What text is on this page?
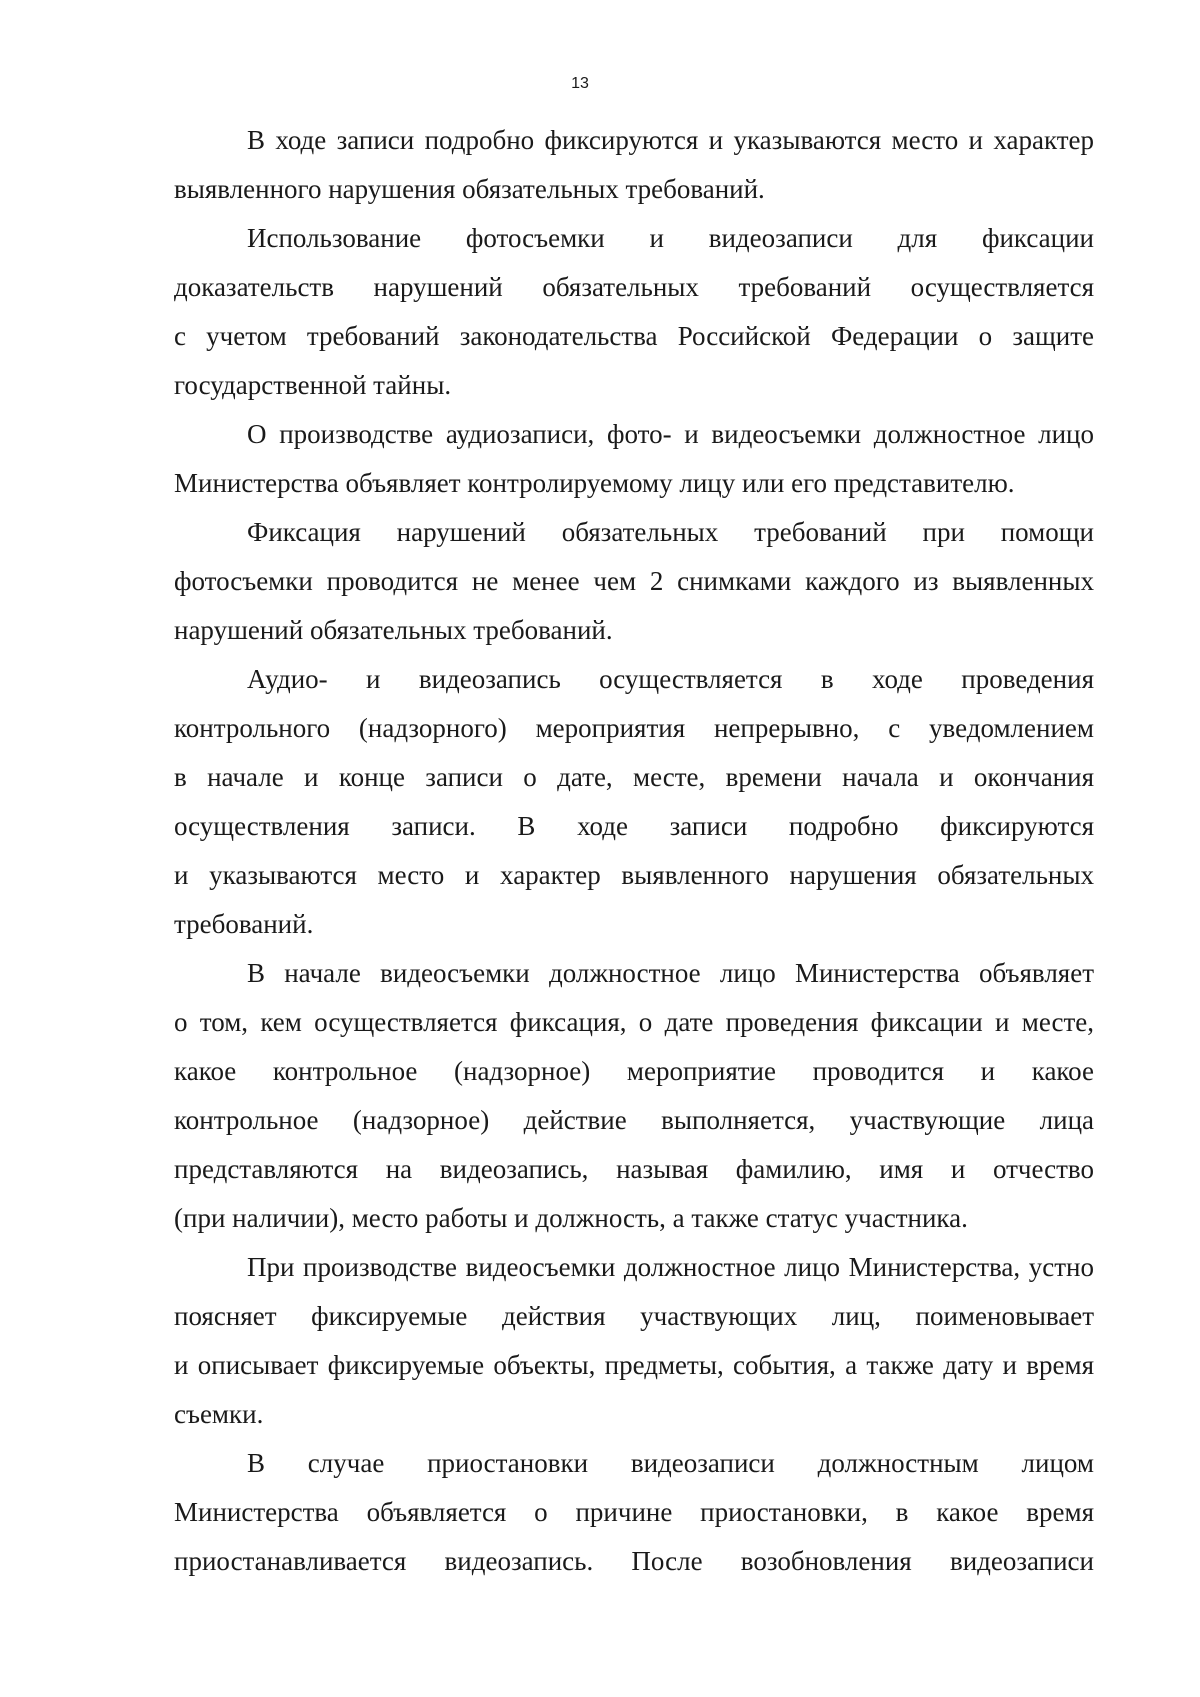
13
В ходе записи подробно фиксируются и указываются место и характер
выявленного нарушения обязательных требований.
Использование фотосъемки и видеозаписи для фиксации
доказательств нарушений обязательных требований осуществляется
с учетом требований законодательства Российской Федерации о защите
государственной тайны.
О производстве аудиозаписи, фото- и видеосъемки должностное лицо
Министерства объявляет контролируемому лицу или его представителю.
Фиксация нарушений обязательных требований при помощи
фотосъемки проводится не менее чем 2 снимками каждого из выявленных
нарушений обязательных требований.
Аудио- и видеозапись осуществляется в ходе проведения
контрольного (надзорного) мероприятия непрерывно, с уведомлением
в начале и конце записи о дате, месте, времени начала и окончания
осуществления записи. В ходе записи подробно фиксируются
и указываются место и характер выявленного нарушения обязательных
требований.
В начале видеосъемки должностное лицо Министерства объявляет
о том, кем осуществляется фиксация, о дате проведения фиксации и месте,
какое контрольное (надзорное) мероприятие проводится и какое
контрольное (надзорное) действие выполняется, участвующие лица
представляются на видеозапись, называя фамилию, имя и отчество
(при наличии), место работы и должность, а также статус участника.
При производстве видеосъемки должностное лицо Министерства, устно
поясняет фиксируемые действия участвующих лиц, поименовывает
и описывает фиксируемые объекты, предметы, события, а также дату и время
съемки.
В случае приостановки видеозаписи должностным лицом
Министерства объявляется о причине приостановки, в какое время
приостанавливается видеозапись. После возобновления видеозаписи
